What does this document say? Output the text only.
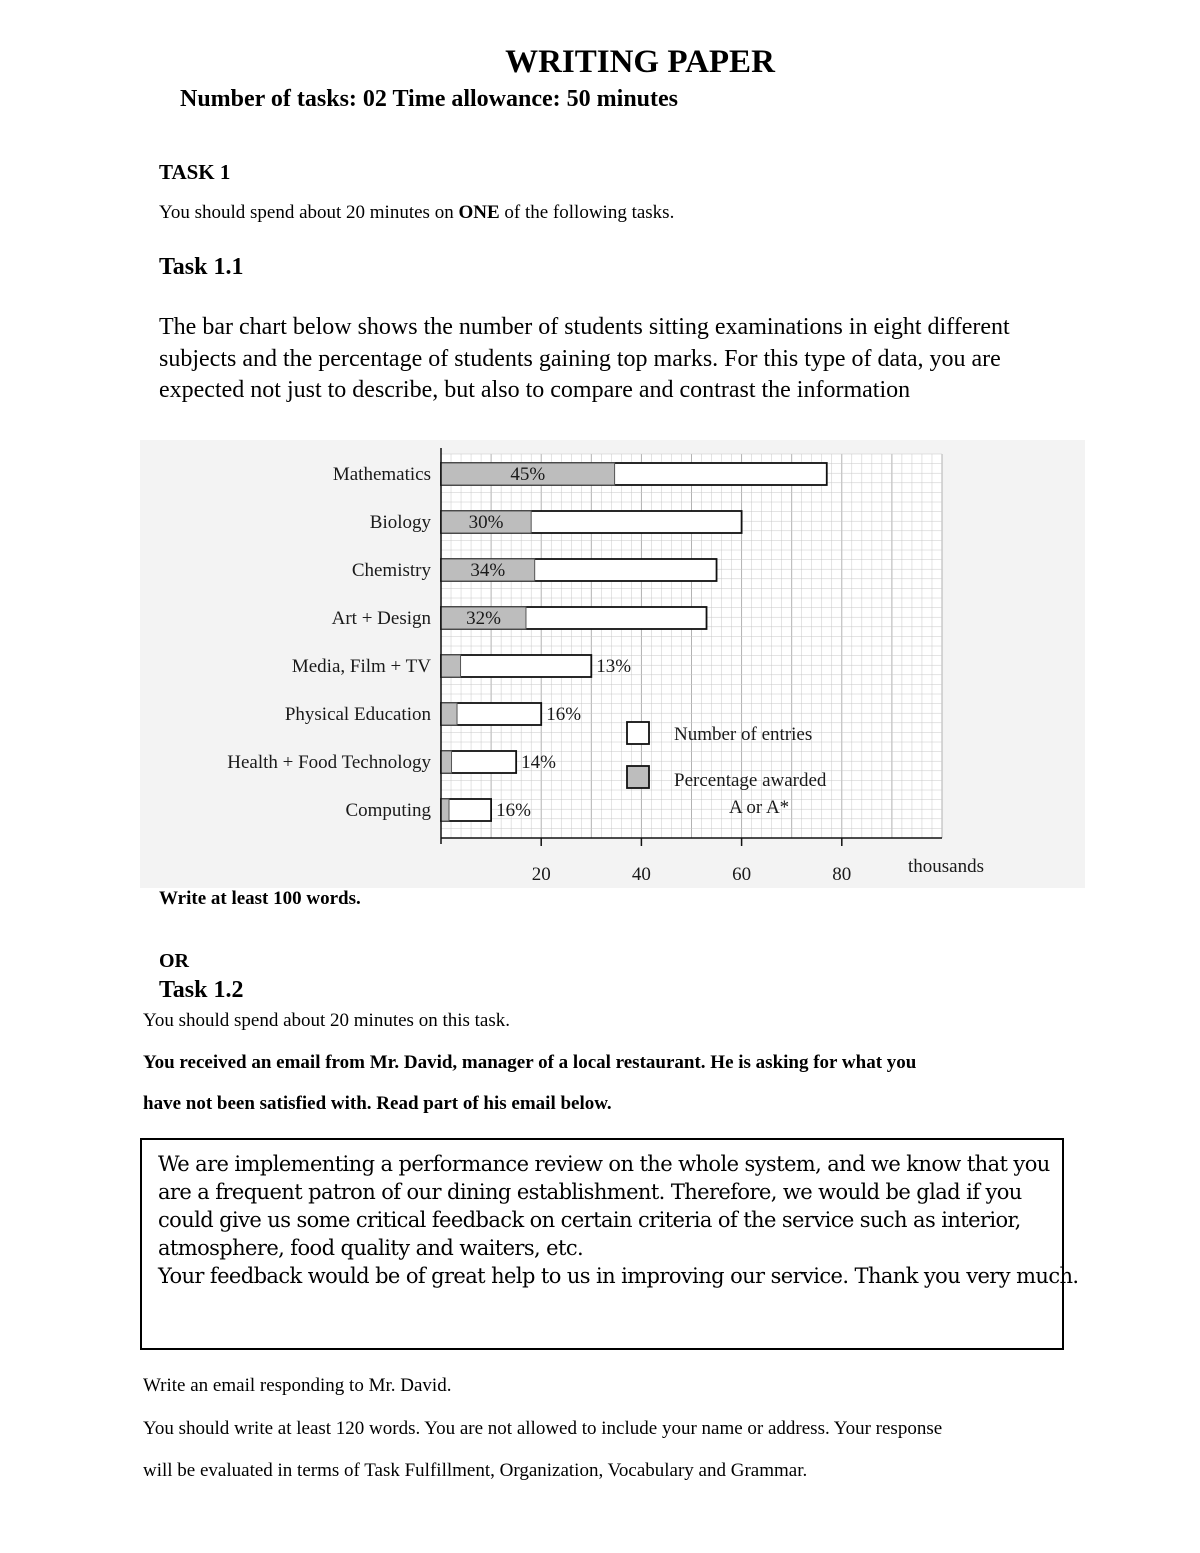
WRITING PAPER
Number of tasks: 02 Time allowance: 50 minutes
TASK 1
You should spend about 20 minutes on ONE of the following tasks.
Task 1.1
The bar chart below shows the number of students sitting examinations in eight different
subjects and the percentage of students gaining top marks. For this type of data, you are
expected not just to describe, but also to compare and contrast the information
Mathematics	45%
Biology 30%
Chemistry 34%
Art + Design 32%
Media, Film + TV	13%
Physical Education	16%
Health + Food Technology	14%
Computing	16%
20	40	60	80	thousands
Number of entries
Percentage awarded
A or A*
Write at least 100 words.
OR
Task 1.2
You should spend about 20 minutes on this task.
You received an email from Mr. David, manager of a local restaurant. He is asking for what you
have not been satisfied with. Read part of his email below.
We are implementing a performance review on the whole system, and we know that you
are a frequent patron of our dining establishment. Therefore, we would be glad if you
could give us some critical feedback on certain criteria of the service such as interior,
atmosphere, food quality and waiters, etc.
Your feedback would be of great help to us in improving our service. Thank you very much.
Write an email responding to Mr. David.
You should write at least 120 words. You are not allowed to include your name or address. Your response
will be evaluated in terms of Task Fulfillment, Organization, Vocabulary and Grammar.
